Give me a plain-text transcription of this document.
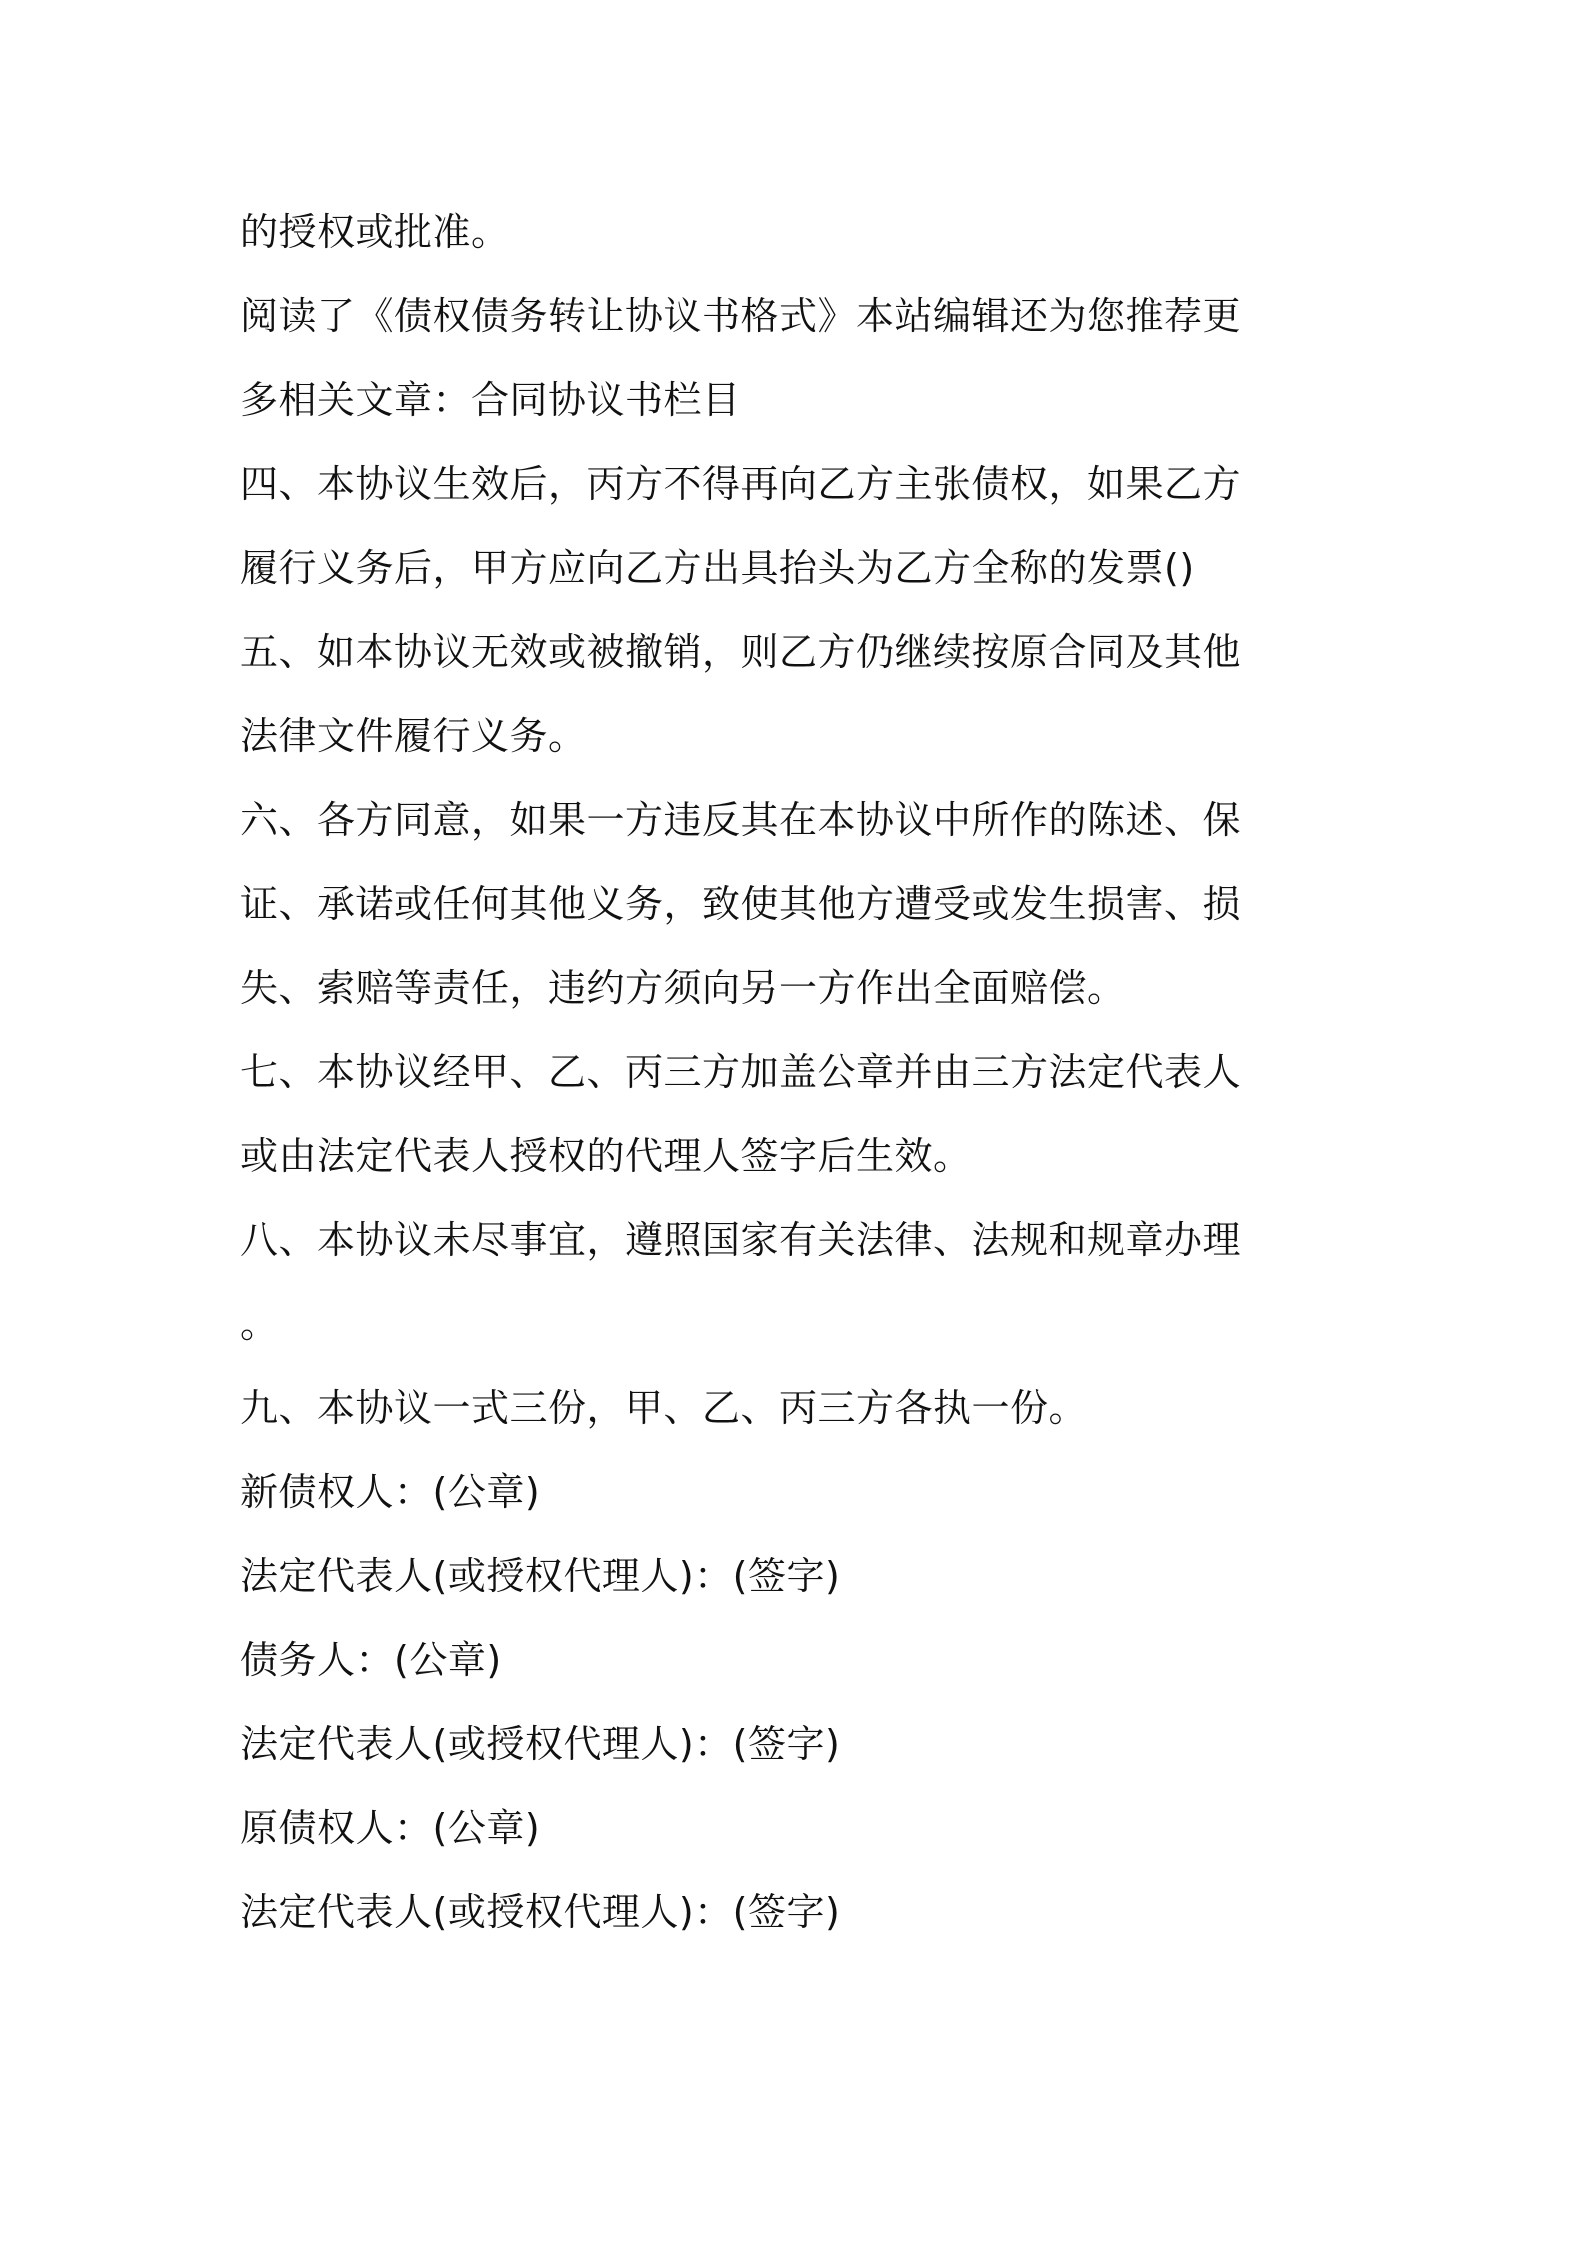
的授权或批准。

阅读了《债权债务转让协议书格式》本站编辑还为您推荐更

多相关文章：合同协议书栏目

四、本协议生效后，丙方不得再向乙方主张债权，如果乙方

履行义务后，甲方应向乙方出具抬头为乙方全称的发票()

五、如本协议无效或被撤销，则乙方仍继续按原合同及其他

法律文件履行义务。

六、各方同意，如果一方违反其在本协议中所作的陈述、保

证、承诺或任何其他义务，致使其他方遭受或发生损害、损

失、索赔等责任，违约方须向另一方作出全面赔偿。

七、本协议经甲、乙、丙三方加盖公章并由三方法定代表人

或由法定代表人授权的代理人签字后生效。

八、本协议未尽事宜，遵照国家有关法律、法规和规章办理

。

九、本协议一式三份，甲、乙、丙三方各执一份。

新债权人：(公章)

法定代表人(或授权代理人)：(签字)

债务人：(公章)

法定代表人(或授权代理人)：(签字)

原债权人：(公章)

法定代表人(或授权代理人)：(签字)
